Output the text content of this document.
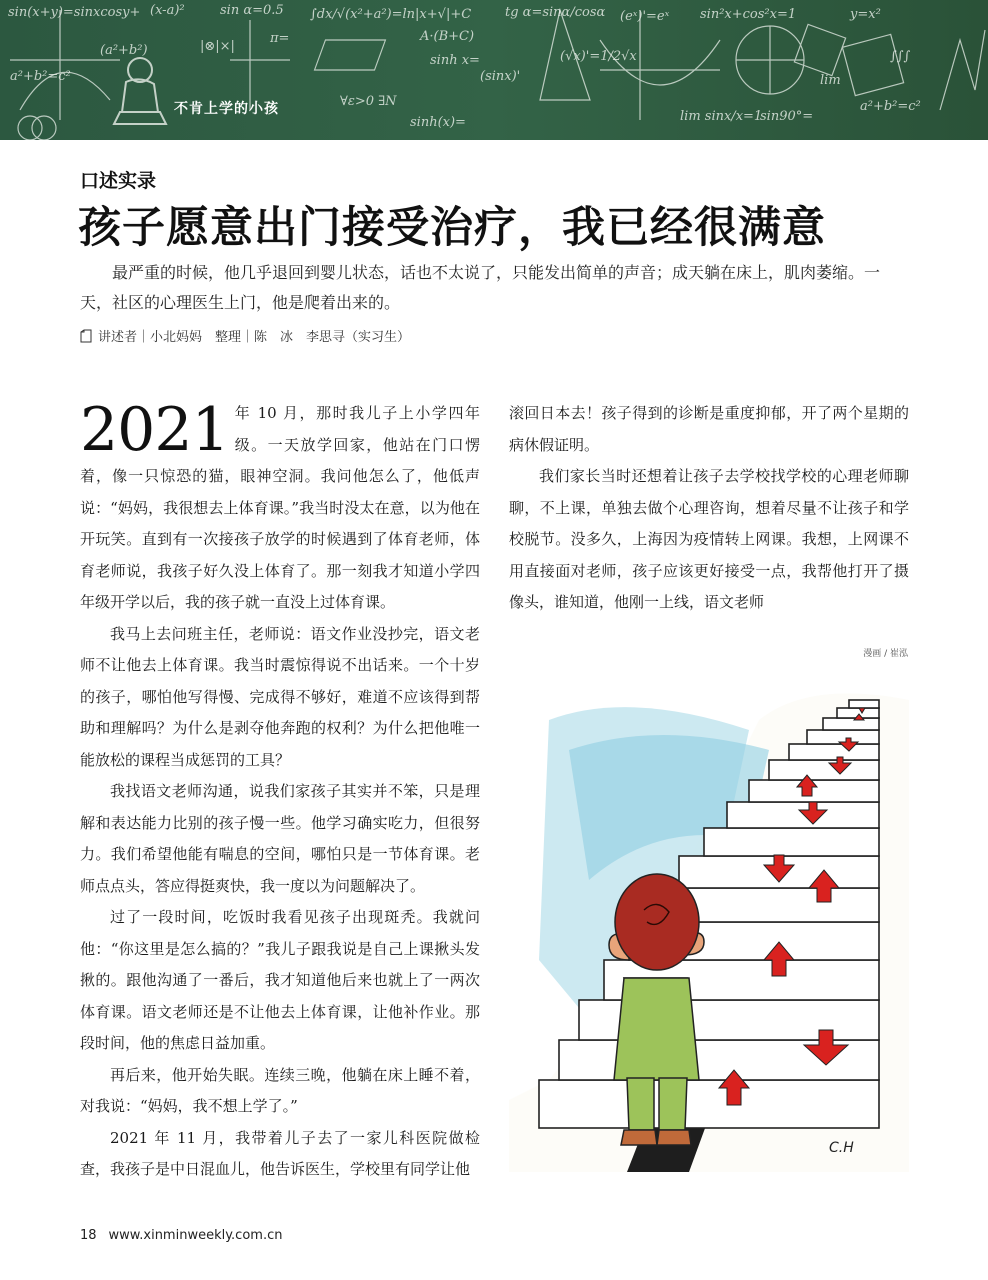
sin(x+y)=sinxcosy+ (x-a)²	sin α=0.5 ∫dx/√(x²+a²)=ln|x+√|+C	tg α=sinα/cosα (eˣ)'=eˣ sin²x+cos²x=1	y=x²
a²+b²=c²
(a²+b²)	|⊗|×|
π=	A·(B+C)
sinh x=
(sinx)'
lim sinx/x=1
sin90°=
a²+b²=c²
sinh(x)=
∀ε>0 ∃N
(√x)'=1/2√x	∫∫∫
lim
不肯上学的小孩
口述实录
孩子愿意出门接受治疗，我已经很满意

最严重的时候，他几乎退回到婴儿状态，话也不太说了，只能发出简单的声音；成天躺在床上，肌肉萎缩。一天，社区的心理医生上门，他是爬着出来的。

讲述者｜小北妈妈　整理｜陈　冰　李思寻（实习生）

2021 年 10 月，那时我儿子上小学四年级。一天放学回家，他站在门口愣着，像一只惊恐的猫，眼神空洞。我问他怎么了，他低声说：“妈妈，我很想去上体育课。”我当时没太在意，以为他在开玩笑。直到有一次接孩子放学的时候遇到了体育老师，体育老师说，我孩子好久没上体育了。那一刻我才知道小学四年级开学以后，我的孩子就一直没上过体育课。

我马上去问班主任，老师说：语文作业没抄完，语文老师不让他去上体育课。我当时震惊得说不出话来。一个十岁的孩子，哪怕他写得慢、完成得不够好，难道不应该得到帮助和理解吗？为什么是剥夺他奔跑的权利？为什么把他唯一能放松的课程当成惩罚的工具？

我找语文老师沟通，说我们家孩子其实并不笨，只是理解和表达能力比别的孩子慢一些。他学习确实吃力，但很努力。我们希望他能有喘息的空间，哪怕只是一节体育课。老师点点头，答应得挺爽快，我一度以为问题解决了。

过了一段时间，吃饭时我看见孩子出现斑秃。我就问他：“你这里是怎么搞的？”我儿子跟我说是自己上课揪头发揪的。跟他沟通了一番后，我才知道他后来也就上了一两次体育课。语文老师还是不让他去上体育课，让他补作业。那段时间，他的焦虑日益加重。

再后来，他开始失眠。连续三晚，他躺在床上睡不着，对我说：“妈妈，我不想上学了。”

2021 年 11 月，我带着儿子去了一家儿科医院做检查，我孩子是中日混血儿，他告诉医生，学校里有同学让他

滚回日本去！孩子得到的诊断是重度抑郁，开了两个星期的病休假证明。

我们家长当时还想着让孩子去学校找学校的心理老师聊聊，不上课，单独去做个心理咨询，想着尽量不让孩子和学校脱节。没多久，上海因为疫情转上网课。我想，上网课不用直接面对老师，孩子应该更好接受一点，我帮他打开了摄像头，谁知道，他刚一上线，语文老师

漫画 / 崔泓
C.H
18 www.xinminweekly.com.cn
